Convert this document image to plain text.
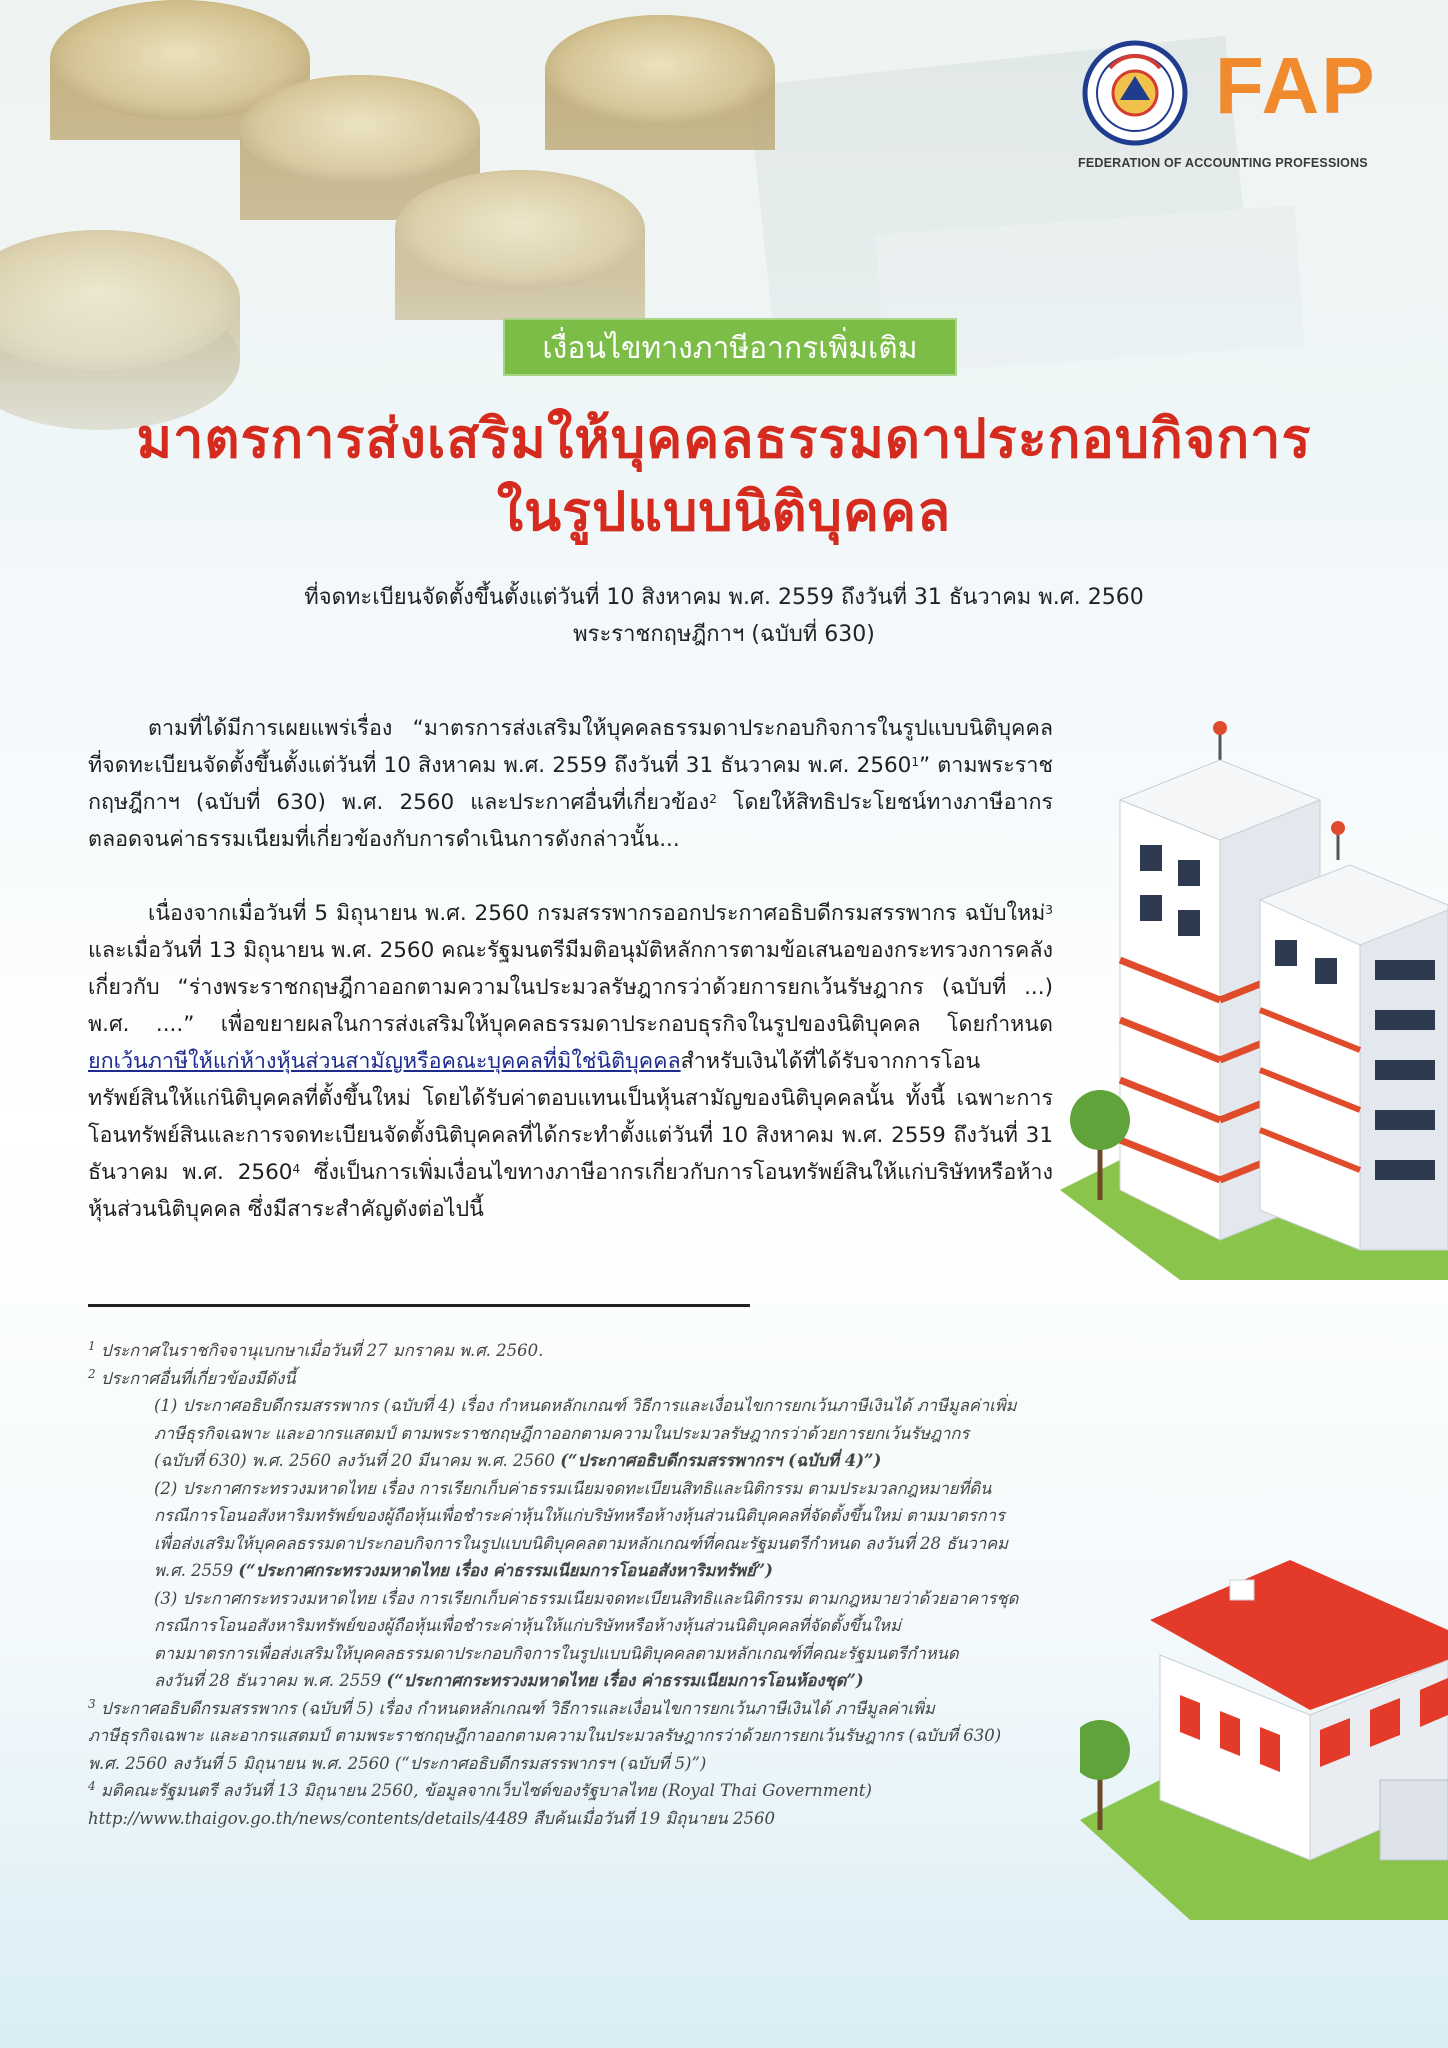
FAP
FEDERATION OF ACCOUNTING PROFESSIONS
เงื่อนไขทางภาษีอากรเพิ่มเติม
มาตรการส่งเสริมให้บุคคลธรรมดาประกอบกิจการ
ในรูปแบบนิติบุคคล
ที่จดทะเบียนจัดตั้งขึ้นตั้งแต่วันที่ 10 สิงหาคม พ.ศ. 2559 ถึงวันที่ 31 ธันวาคม พ.ศ. 2560
พระราชกฤษฎีกาฯ (ฉบับที่ 630)

ตามที่ได้มีการเผยแพร่เรื่อง “มาตรการส่งเสริมให้บุคคลธรรมดาประกอบกิจการในรูปแบบนิติบุคคลที่จดทะเบียนจัดตั้งขึ้นตั้งแต่วันที่ 10 สิงหาคม พ.ศ. 2559 ถึงวันที่ 31 ธันวาคม พ.ศ. 2560$^1$” ตามพระราชกฤษฎีกาฯ (ฉบับที่ 630) พ.ศ. 2560 และประกาศอื่นที่เกี่ยวข้อง$^2$ โดยให้สิทธิประโยชน์ทางภาษีอากร ตลอดจนค่าธรรมเนียมที่เกี่ยวข้องกับการดำเนินการดังกล่าวนั้น...

เนื่องจากเมื่อวันที่ 5 มิถุนายน พ.ศ. 2560 กรมสรรพากรออกประกาศอธิบดีกรมสรรพากร ฉบับใหม่$^3$ และเมื่อวันที่ 13 มิถุนายน พ.ศ. 2560 คณะรัฐมนตรีมีมติอนุมัติหลักการตามข้อเสนอของกระทรวงการคลังเกี่ยวกับ “ร่างพระราชกฤษฎีกาออกตามความในประมวลรัษฎากรว่าด้วยการยกเว้นรัษฎากร (ฉบับที่ ...) พ.ศ. ....” เพื่อขยายผลในการส่งเสริมให้บุคคลธรรมดาประกอบธุรกิจในรูปของนิติบุคคล โดยกำหนดยกเว้นภาษีให้แก่ห้างหุ้นส่วนสามัญหรือคณะบุคคลที่มิใช่นิติบุคคลสำหรับเงินได้ที่ได้รับจากการโอนทรัพย์สินให้แก่นิติบุคคลที่ตั้งขึ้นใหม่ โดยได้รับค่าตอบแทนเป็นหุ้นสามัญของนิติบุคคลนั้น ทั้งนี้ เฉพาะการโอนทรัพย์สินและการจดทะเบียนจัดตั้งนิติบุคคลที่ได้กระทำตั้งแต่วันที่ 10 สิงหาคม พ.ศ. 2559 ถึงวันที่ 31 ธันวาคม พ.ศ. 2560$^4$ ซึ่งเป็นการเพิ่มเงื่อนไขทางภาษีอากรเกี่ยวกับการโอนทรัพย์สินให้แก่บริษัทหรือห้างหุ้นส่วนนิติบุคคล ซึ่งมีสาระสำคัญดังต่อไปนี้

$^1$ ประกาศในราชกิจจานุเบกษาเมื่อวันที่ 27 มกราคม พ.ศ. 2560.
$^2$ ประกาศอื่นที่เกี่ยวข้องมีดังนี้
(1) ประกาศอธิบดีกรมสรรพากร (ฉบับที่ 4) เรื่อง กำหนดหลักเกณฑ์ วิธีการและเงื่อนไขการยกเว้นภาษีเงินได้ ภาษีมูลค่าเพิ่ม
ภาษีธุรกิจเฉพาะ และอากรแสตมป์ ตามพระราชกฤษฎีกาออกตามความในประมวลรัษฎากรว่าด้วยการยกเว้นรัษฎากร
(ฉบับที่ 630) พ.ศ. 2560 ลงวันที่ 20 มีนาคม พ.ศ. 2560 (“ประกาศอธิบดีกรมสรรพากรฯ (ฉบับที่ 4)”)
(2) ประกาศกระทรวงมหาดไทย เรื่อง การเรียกเก็บค่าธรรมเนียมจดทะเบียนสิทธิและนิติกรรม ตามประมวลกฎหมายที่ดิน
กรณีการโอนอสังหาริมทรัพย์ของผู้ถือหุ้นเพื่อชำระค่าหุ้นให้แก่บริษัทหรือห้างหุ้นส่วนนิติบุคคลที่จัดตั้งขึ้นใหม่ ตามมาตรการ
เพื่อส่งเสริมให้บุคคลธรรมดาประกอบกิจการในรูปแบบนิติบุคคลตามหลักเกณฑ์ที่คณะรัฐมนตรีกำหนด ลงวันที่ 28 ธันวาคม
พ.ศ. 2559 (“ประกาศกระทรวงมหาดไทย เรื่อง ค่าธรรมเนียมการโอนอสังหาริมทรัพย์”)
(3) ประกาศกระทรวงมหาดไทย เรื่อง การเรียกเก็บค่าธรรมเนียมจดทะเบียนสิทธิและนิติกรรม ตามกฎหมายว่าด้วยอาคารชุด
กรณีการโอนอสังหาริมทรัพย์ของผู้ถือหุ้นเพื่อชำระค่าหุ้นให้แก่บริษัทหรือห้างหุ้นส่วนนิติบุคคลที่จัดตั้งขึ้นใหม่
ตามมาตรการเพื่อส่งเสริมให้บุคคลธรรมดาประกอบกิจการในรูปแบบนิติบุคคลตามหลักเกณฑ์ที่คณะรัฐมนตรีกำหนด
ลงวันที่ 28 ธันวาคม พ.ศ. 2559 (“ประกาศกระทรวงมหาดไทย เรื่อง ค่าธรรมเนียมการโอนห้องชุด”)
$^3$ ประกาศอธิบดีกรมสรรพากร (ฉบับที่ 5) เรื่อง กำหนดหลักเกณฑ์ วิธีการและเงื่อนไขการยกเว้นภาษีเงินได้ ภาษีมูลค่าเพิ่ม
ภาษีธุรกิจเฉพาะ และอากรแสตมป์ ตามพระราชกฤษฎีกาออกตามความในประมวลรัษฎากรว่าด้วยการยกเว้นรัษฎากร (ฉบับที่ 630)
พ.ศ. 2560 ลงวันที่ 5 มิถุนายน พ.ศ. 2560 (“ประกาศอธิบดีกรมสรรพากรฯ (ฉบับที่ 5)”)
$^4$ มติคณะรัฐมนตรี ลงวันที่ 13 มิถุนายน 2560, ข้อมูลจากเว็บไซต์ของรัฐบาลไทย (Royal Thai Government)
http://www.thaigov.go.th/news/contents/details/4489 สืบค้นเมื่อวันที่ 19 มิถุนายน 2560
